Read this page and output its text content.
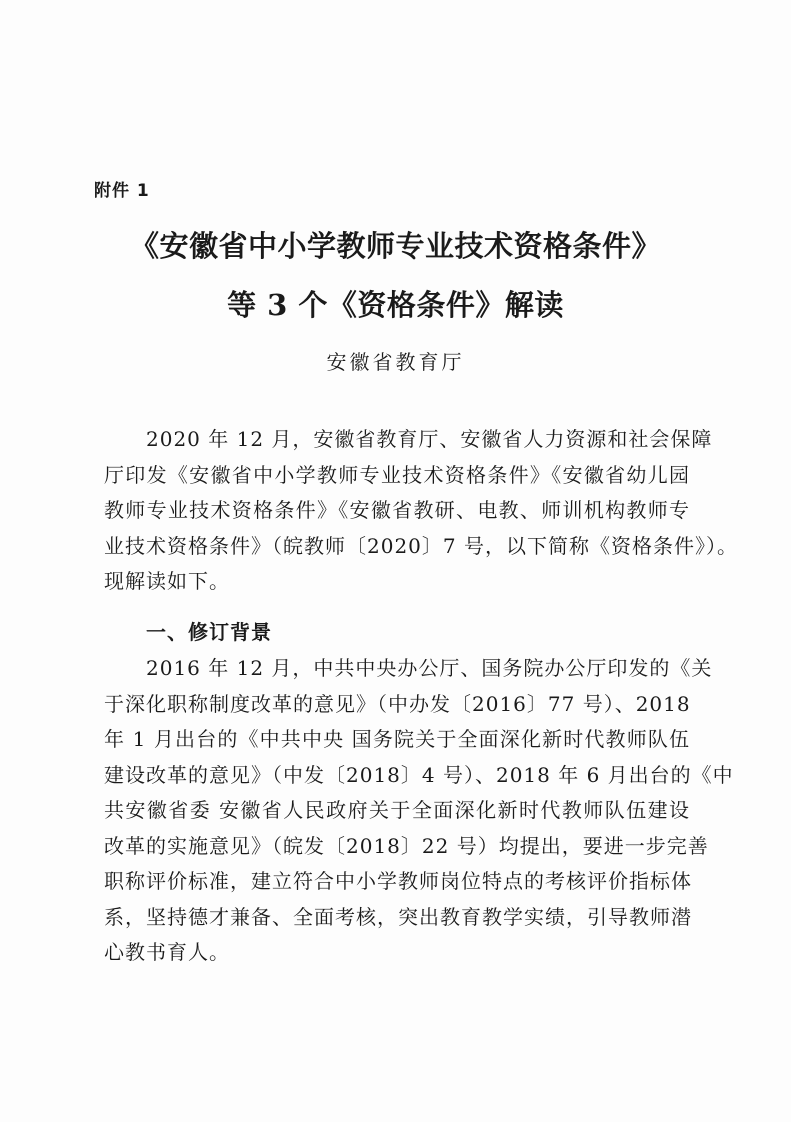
附件 1
《安徽省中小学教师专业技术资格条件》
等 3 个《资格条件》解读
安徽省教育厅
　　2020 年 12 月，安徽省教育厅、安徽省人力资源和社会保障
厅印发《安徽省中小学教师专业技术资格条件》《安徽省幼儿园
教师专业技术资格条件》《安徽省教研、电教、师训机构教师专
业技术资格条件》（皖教师〔2020〕7 号，以下简称《资格条件》）。
现解读如下。
一、修订背景
　　2016 年 12 月，中共中央办公厅、国务院办公厅印发的《关
于深化职称制度改革的意见》（中办发〔2016〕77 号）、2018
年 1 月出台的《中共中央 国务院关于全面深化新时代教师队伍
建设改革的意见》（中发〔2018〕4 号）、2018 年 6 月出台的《中
共安徽省委 安徽省人民政府关于全面深化新时代教师队伍建设
改革的实施意见》（皖发〔2018〕22 号）均提出，要进一步完善
职称评价标准，建立符合中小学教师岗位特点的考核评价指标体
系，坚持德才兼备、全面考核，突出教育教学实绩，引导教师潜
心教书育人。
